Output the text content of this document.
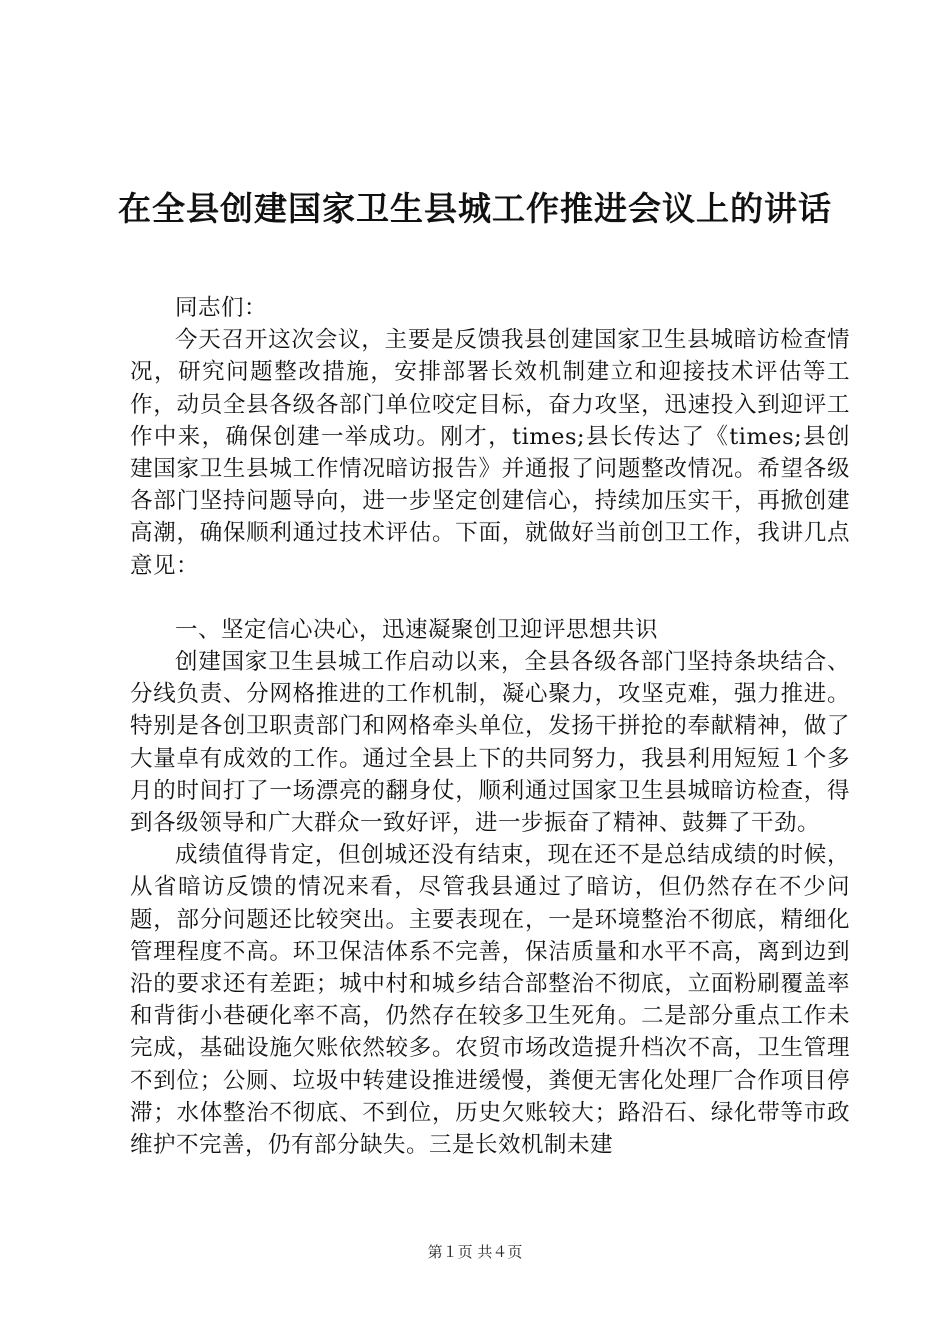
在全县创建国家卫生县城工作推进会议上的讲话

同志们：

今天召开这次会议，主要是反馈我县创建国家卫生县城暗访检查情况，研究问题整改措施，安排部署长效机制建立和迎接技术评估等工作，动员全县各级各部门单位咬定目标，奋力攻坚，迅速投入到迎评工作中来，确保创建一举成功。刚才，times;县长传达了《times;县创建国家卫生县城工作情况暗访报告》并通报了问题整改情况。希望各级各部门坚持问题导向，进一步坚定创建信心，持续加压实干，再掀创建高潮，确保顺利通过技术评估。下面，就做好当前创卫工作，我讲几点意见：

一、坚定信心决心，迅速凝聚创卫迎评思想共识

创建国家卫生县城工作启动以来，全县各级各部门坚持条块结合、分线负责、分网格推进的工作机制，凝心聚力，攻坚克难，强力推进。特别是各创卫职责部门和网格牵头单位，发扬干拼抢的奉献精神，做了大量卓有成效的工作。通过全县上下的共同努力，我县利用短短１个多月的时间打了一场漂亮的翻身仗，顺利通过国家卫生县城暗访检查，得到各级领导和广大群众一致好评，进一步振奋了精神、鼓舞了干劲。

成绩值得肯定，但创城还没有结束，现在还不是总结成绩的时候，从省暗访反馈的情况来看，尽管我县通过了暗访，但仍然存在不少问题，部分问题还比较突出。主要表现在，一是环境整治不彻底，精细化管理程度不高。环卫保洁体系不完善，保洁质量和水平不高，离到边到沿的要求还有差距；城中村和城乡结合部整治不彻底，立面粉刷覆盖率和背街小巷硬化率不高，仍然存在较多卫生死角。二是部分重点工作未完成，基础设施欠账依然较多。农贸市场改造提升档次不高，卫生管理不到位；公厕、垃圾中转建设推进缓慢，粪便无害化处理厂合作项目停滞；水体整治不彻底、不到位，历史欠账较大；路沿石、绿化带等市政维护不完善，仍有部分缺失。三是长效机制未建

第１页 共４页
